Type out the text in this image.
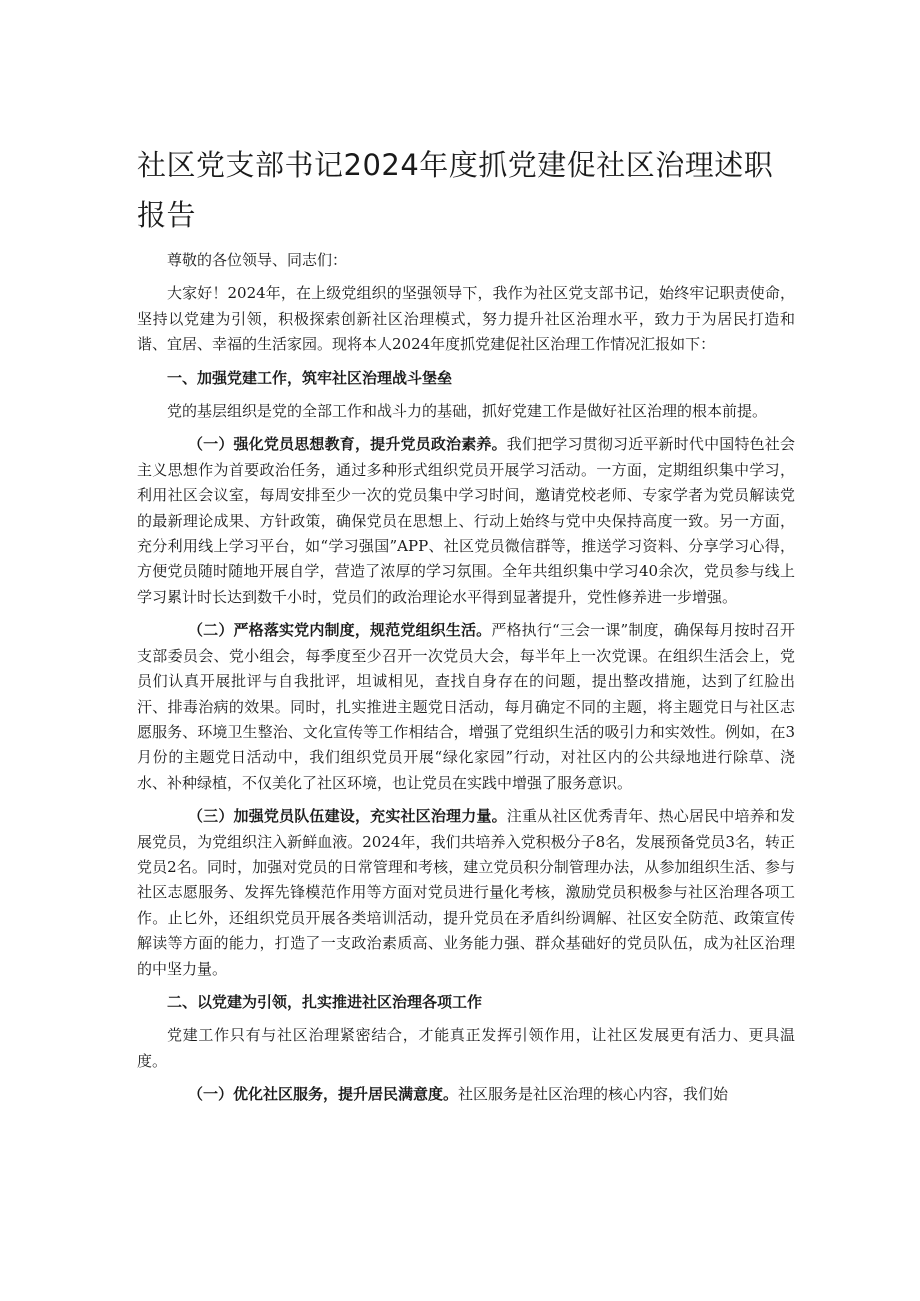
社区党支部书记2024年度抓党建促社区治理述职报告

尊敬的各位领导、同志们：

大家好！2024年，在上级党组织的坚强领导下，我作为社区党支部书记，始终牢记职责使命，坚持以党建为引领，积极探索创新社区治理模式，努力提升社区治理水平，致力于为居民打造和谐、宜居、幸福的生活家园。现将本人2024年度抓党建促社区治理工作情况汇报如下：

一、加强党建工作，筑牢社区治理战斗堡垒

党的基层组织是党的全部工作和战斗力的基础，抓好党建工作是做好社区治理的根本前提。

（一）强化党员思想教育，提升党员政治素养。我们把学习贯彻习近平新时代中国特色社会主义思想作为首要政治任务，通过多种形式组织党员开展学习活动。一方面，定期组织集中学习，利用社区会议室，每周安排至少一次的党员集中学习时间，邀请党校老师、专家学者为党员解读党的最新理论成果、方针政策，确保党员在思想上、行动上始终与党中央保持高度一致。另一方面，充分利用线上学习平台，如“学习强国”APP、社区党员微信群等，推送学习资料、分享学习心得，方便党员随时随地开展自学，营造了浓厚的学习氛围。全年共组织集中学习40余次，党员参与线上学习累计时长达到数千小时，党员们的政治理论水平得到显著提升，党性修养进一步增强。

（二）严格落实党内制度，规范党组织生活。严格执行“三会一课”制度，确保每月按时召开支部委员会、党小组会，每季度至少召开一次党员大会，每半年上一次党课。在组织生活会上，党员们认真开展批评与自我批评，坦诚相见，查找自身存在的问题，提出整改措施，达到了红脸出汗、排毒治病的效果。同时，扎实推进主题党日活动，每月确定不同的主题，将主题党日与社区志愿服务、环境卫生整治、文化宣传等工作相结合，增强了党组织生活的吸引力和实效性。例如，在3月份的主题党日活动中，我们组织党员开展“绿化家园”行动，对社区内的公共绿地进行除草、浇水、补种绿植，不仅美化了社区环境，也让党员在实践中增强了服务意识。

（三）加强党员队伍建设，充实社区治理力量。注重从社区优秀青年、热心居民中培养和发展党员，为党组织注入新鲜血液。2024年，我们共培养入党积极分子8名，发展预备党员3名，转正党员2名。同时，加强对党员的日常管理和考核，建立党员积分制管理办法，从参加组织生活、参与社区志愿服务、发挥先锋模范作用等方面对党员进行量化考核，激励党员积极参与社区治理各项工作。止匕外，还组织党员开展各类培训活动，提升党员在矛盾纠纷调解、社区安全防范、政策宣传解读等方面的能力，打造了一支政治素质高、业务能力强、群众基础好的党员队伍，成为社区治理的中坚力量。

二、以党建为引领，扎实推进社区治理各项工作

党建工作只有与社区治理紧密结合，才能真正发挥引领作用，让社区发展更有活力、更具温度。

（一）优化社区服务，提升居民满意度。社区服务是社区治理的核心内容，我们始
